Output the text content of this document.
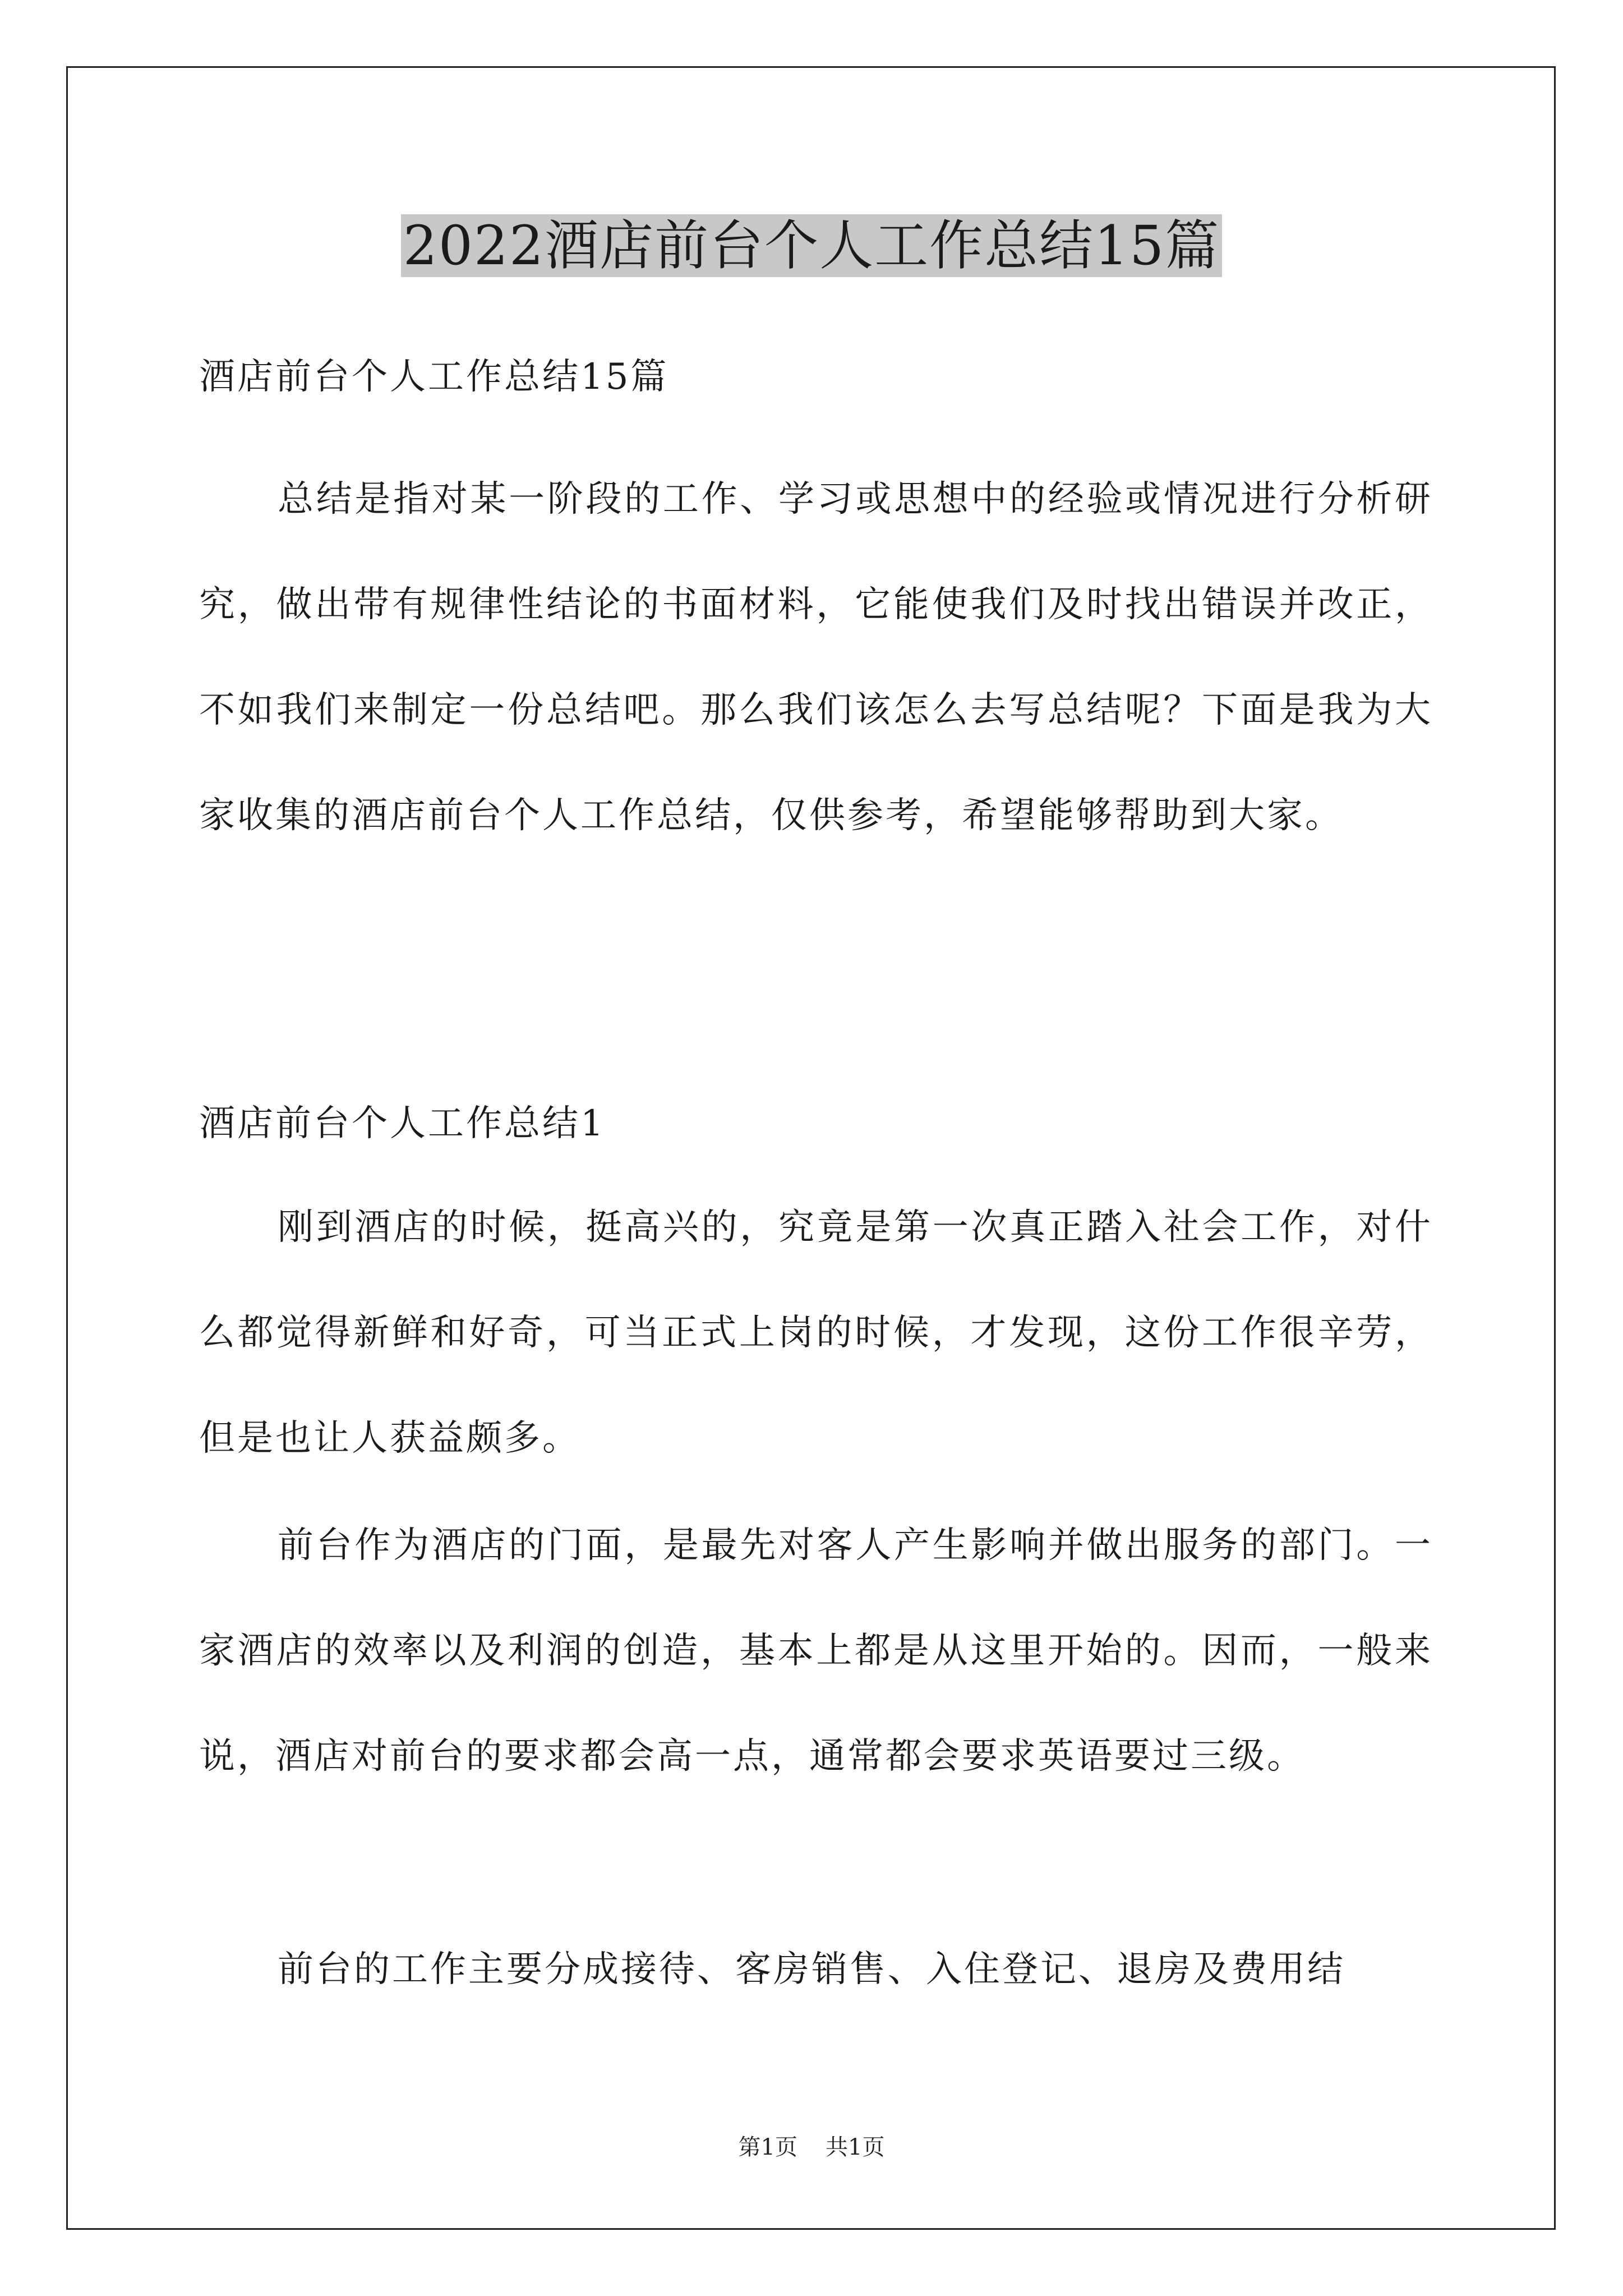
2022酒店前台个人工作总结15篇
酒店前台个人工作总结15篇

总结是指对某一阶段的工作、学习或思想中的经验或情况进行分析研究，做出带有规律性结论的书面材料，它能使我们及时找出错误并改正，不如我们来制定一份总结吧。那么我们该怎么去写总结呢？下面是我为大家收集的酒店前台个人工作总结，仅供参考，希望能够帮助到大家。

酒店前台个人工作总结1

刚到酒店的时候，挺高兴的，究竟是第一次真正踏入社会工作，对什么都觉得新鲜和好奇，可当正式上岗的时候，才发现，这份工作很辛劳，但是也让人获益颇多。

前台作为酒店的门面，是最先对客人产生影响并做出服务的部门。一家酒店的效率以及利润的创造，基本上都是从这里开始的。因而，一般来说，酒店对前台的要求都会高一点，通常都会要求英语要过三级。

前台的工作主要分成接待、客房销售、入住登记、退房及费用结

第1页 共1页
